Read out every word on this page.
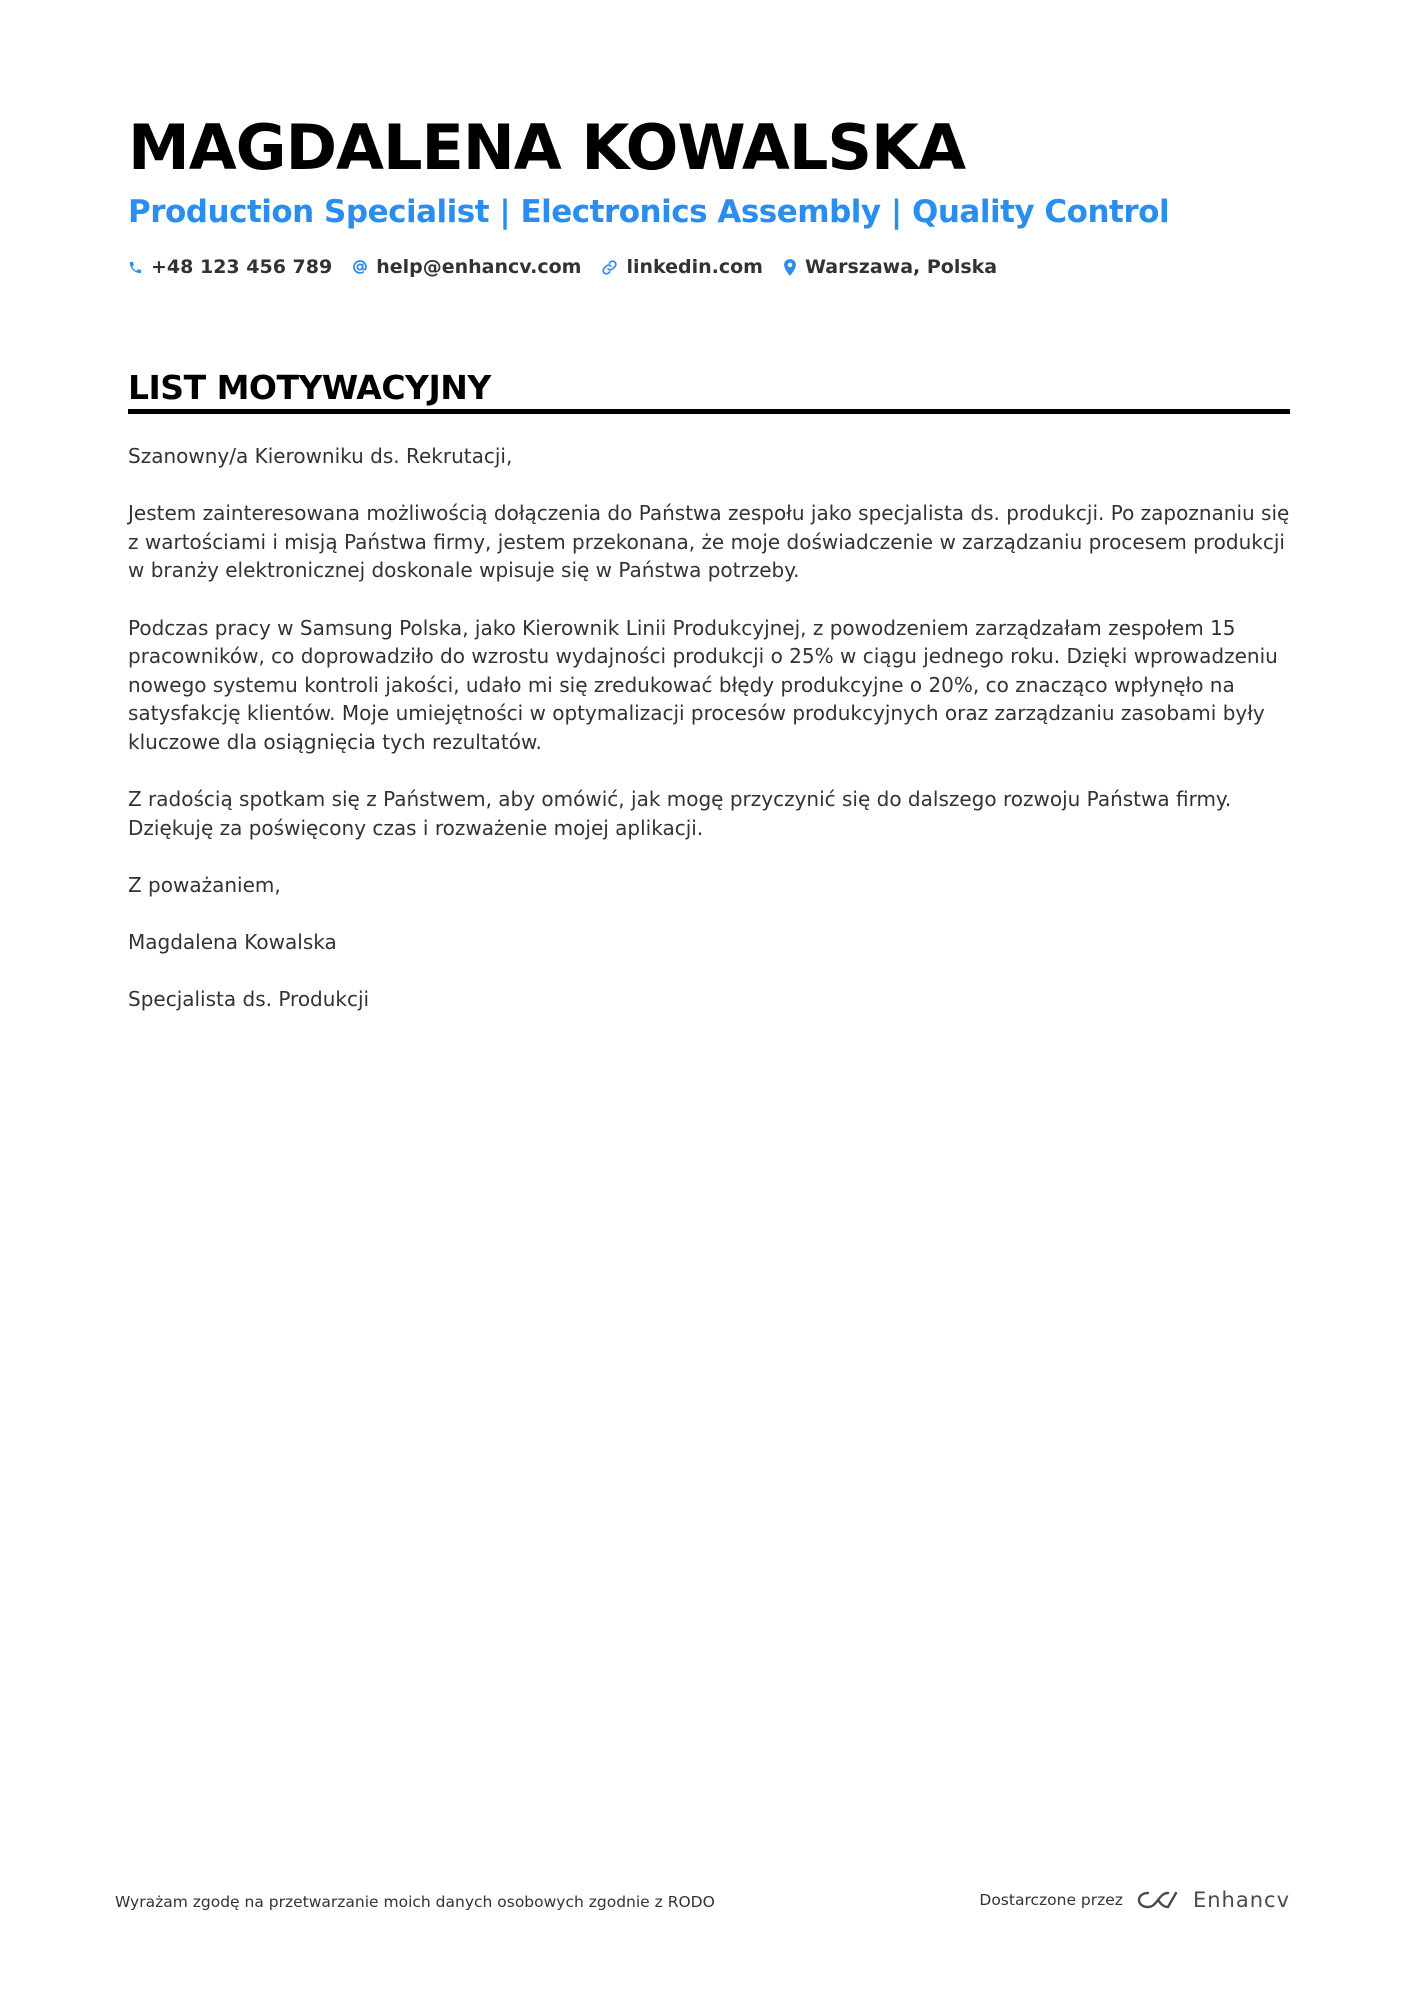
MAGDALENA KOWALSKA
Production Specialist | Electronics Assembly | Quality Control
+48 123 456 789 help@enhancv.com linkedin.com Warszawa, Polska
LIST MOTYWACYJNY

Szanowny/a Kierowniku ds. Rekrutacji,

Jestem zainteresowana możliwością dołączenia do Państwa zespołu jako specjalista ds. produkcji. Po zapoznaniu się z wartościami i misją Państwa firmy, jestem przekonana, że moje doświadczenie w zarządzaniu procesem produkcji w branży elektronicznej doskonale wpisuje się w Państwa potrzeby.

Podczas pracy w Samsung Polska, jako Kierownik Linii Produkcyjnej, z powodzeniem zarządzałam zespołem 15 pracowników, co doprowadziło do wzrostu wydajności produkcji o 25% w ciągu jednego roku. Dzięki wprowadzeniu nowego systemu kontroli jakości, udało mi się zredukować błędy produkcyjne o 20%, co znacząco wpłynęło na satysfakcję klientów. Moje umiejętności w optymalizacji procesów produkcyjnych oraz zarządzaniu zasobami były kluczowe dla osiągnięcia tych rezultatów.

Z radością spotkam się z Państwem, aby omówić, jak mogę przyczynić się do dalszego rozwoju Państwa firmy. Dziękuję za poświęcony czas i rozważenie mojej aplikacji.

Z poważaniem,

Magdalena Kowalska

Specjalista ds. Produkcji

Wyrażam zgodę na przetwarzanie moich danych osobowych zgodnie z RODO	Dostarczone przez	Enhancv
